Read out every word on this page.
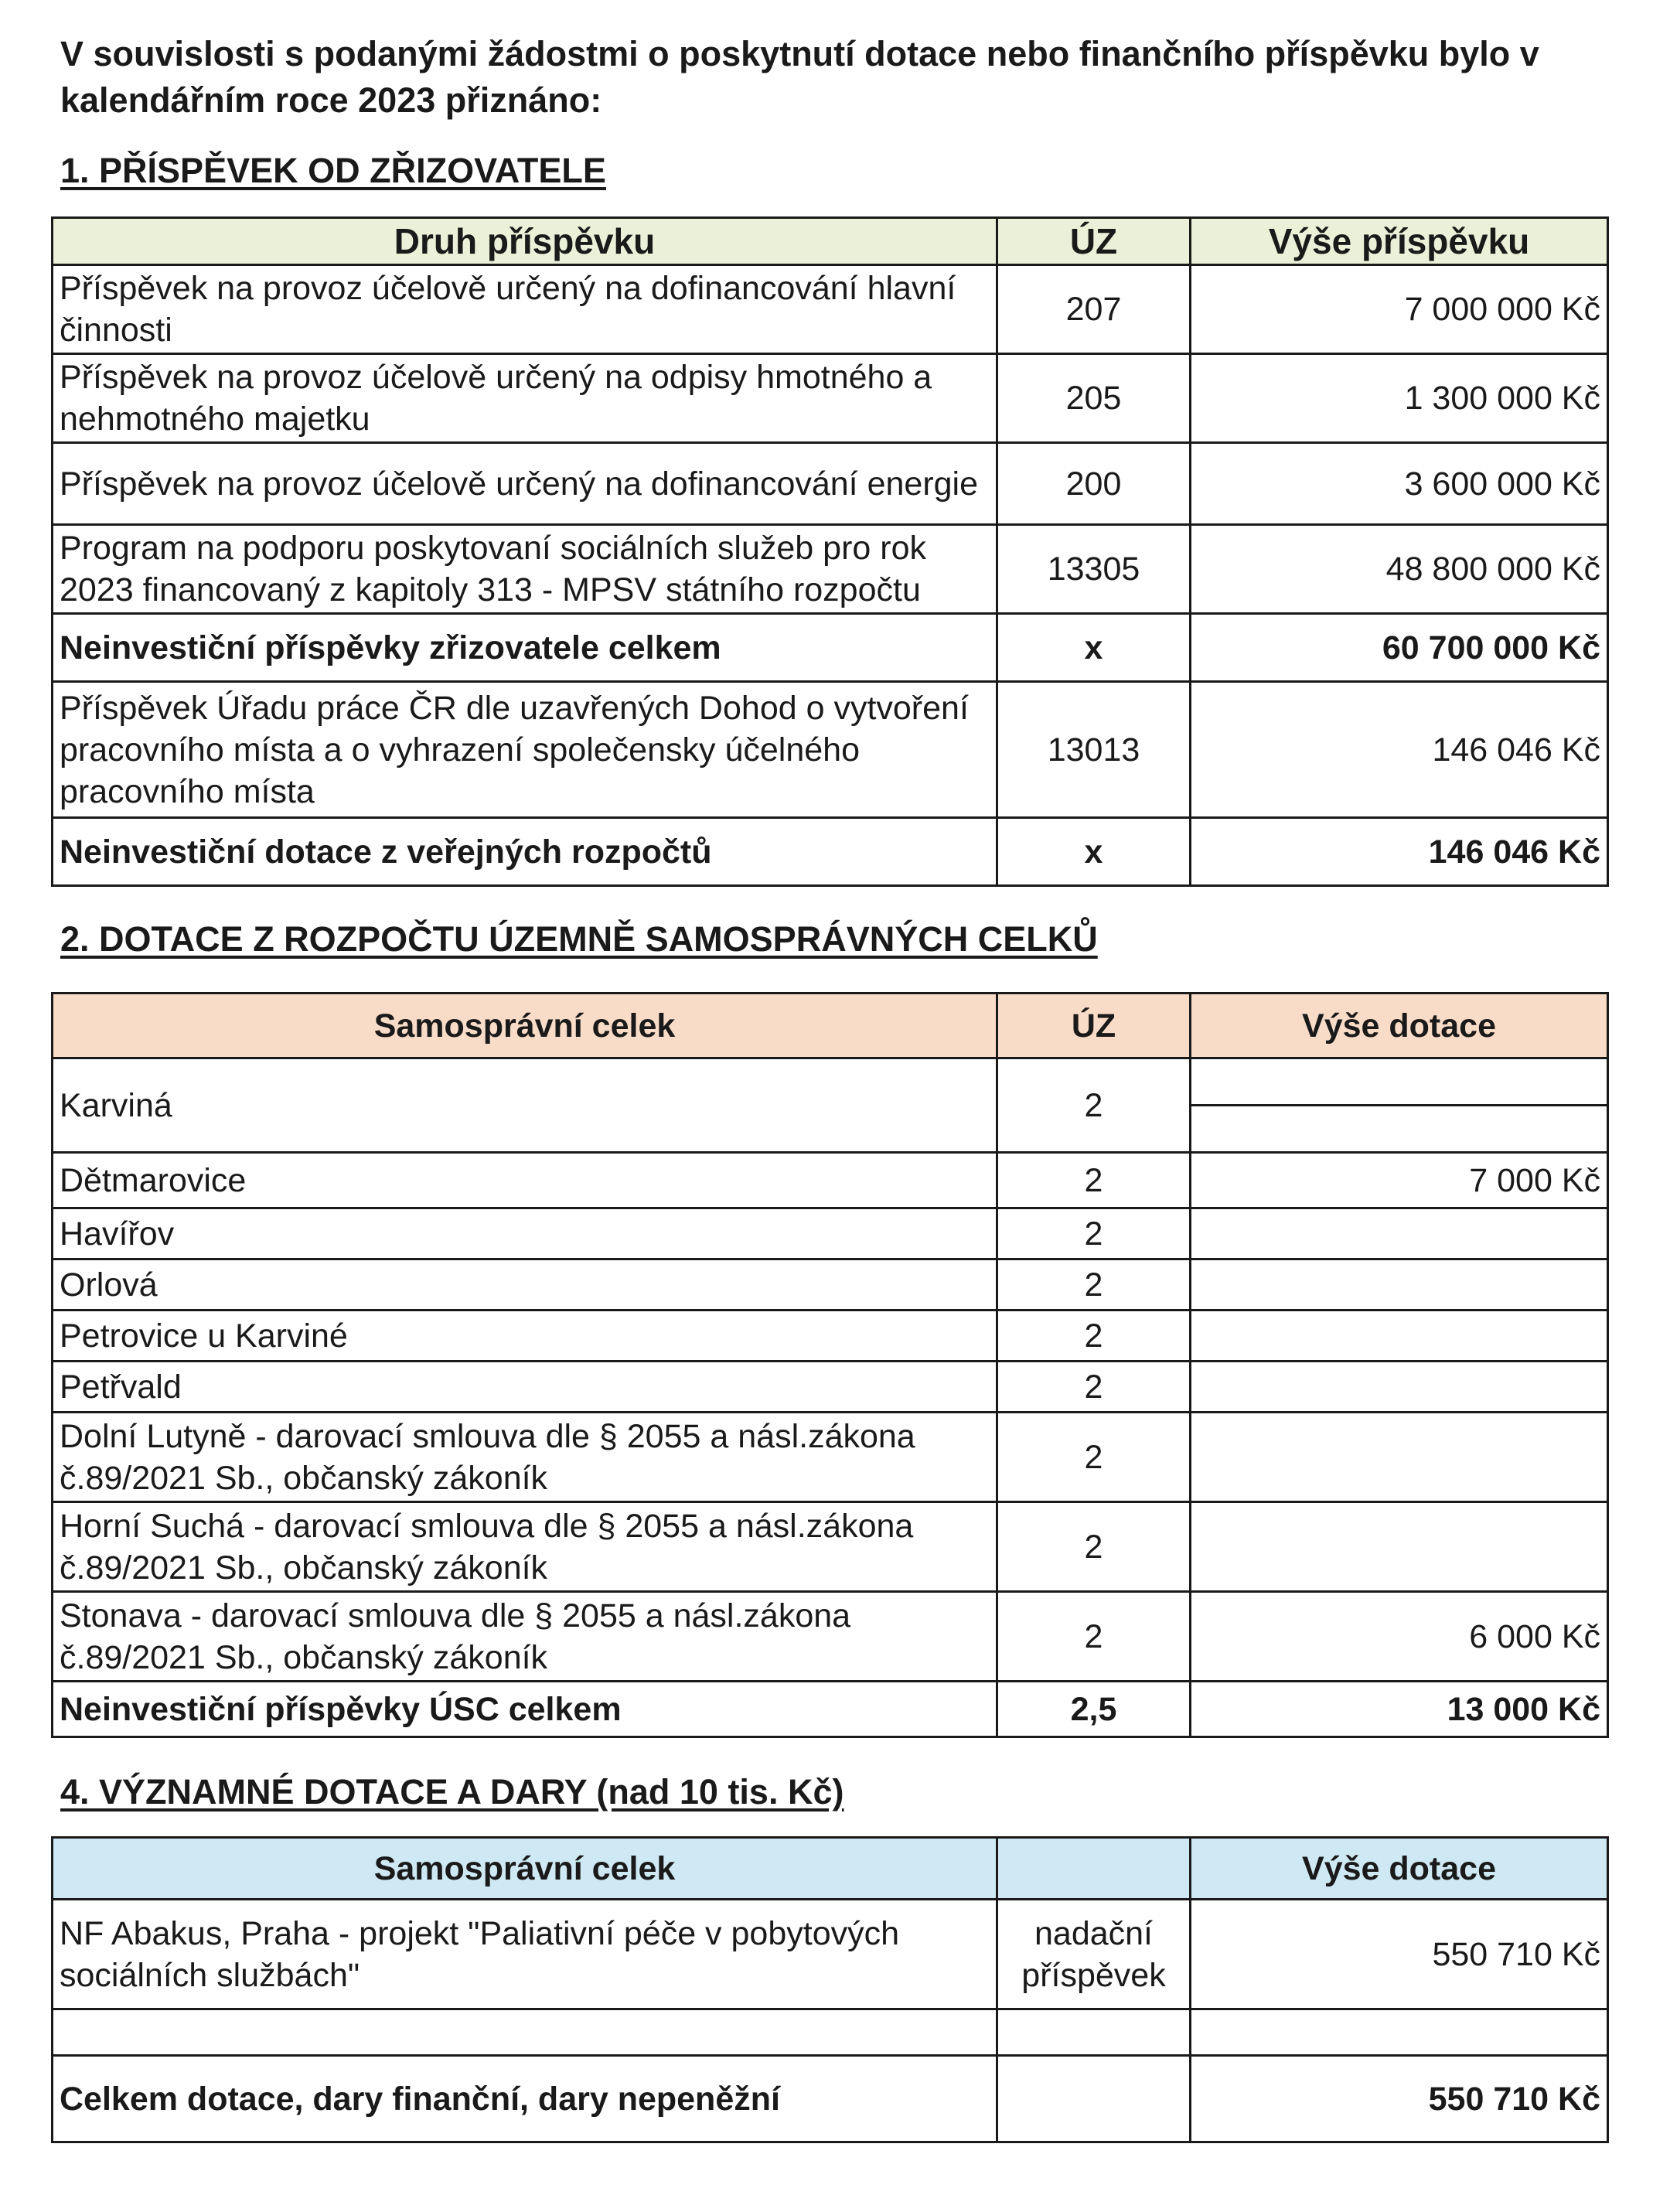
V souvislosti s podanými žádostmi o poskytnutí dotace nebo finančního příspěvku bylo v kalendářním roce 2023 přiznáno:

1. PŘÍSPĚVEK OD ZŘIZOVATELE
Druh příspěvku	ÚZ	Výše příspěvku
Příspěvek na provoz účelově určený na dofinancování hlavní činnosti	207	7 000 000 Kč
Příspěvek na provoz účelově určený na odpisy hmotného a nehmotného majetku	205	1 300 000 Kč
Příspěvek na provoz účelově určený na dofinancování energie	200	3 600 000 Kč
Program na podporu poskytovaní sociálních služeb pro rok 2023 financovaný z kapitoly 313 - MPSV státního rozpočtu	13305	48 800 000 Kč
Neinvestiční příspěvky zřizovatele celkem	x	60 700 000 Kč
Příspěvek Úřadu práce ČR dle uzavřených Dohod o vytvoření pracovního místa a o vyhrazení společensky účelného pracovního místa	13013	146 046 Kč
Neinvestiční dotace z veřejných rozpočtů	x	146 046 Kč
2. DOTACE Z ROZPOČTU ÚZEMNĚ SAMOSPRÁVNÝCH CELKŮ
Samosprávní celek	ÚZ	Výše dotace
Karviná	2	

Dětmarovice	2	7 000 Kč
Havířov	2	
Orlová	2	
Petrovice u Karviné	2	
Petřvald	2	
Dolní Lutyně - darovací smlouva dle § 2055 a násl.zákona č.89/2021 Sb., občanský zákoník	2	
Horní Suchá - darovací smlouva dle § 2055 a násl.zákona č.89/2021 Sb., občanský zákoník	2	
Stonava - darovací smlouva dle § 2055 a násl.zákona č.89/2021 Sb., občanský zákoník	2	6 000 Kč
Neinvestiční příspěvky ÚSC celkem	2,5	13 000 Kč
4. VÝZNAMNÉ DOTACE A DARY (nad 10 tis. Kč)
Samosprávní celek		Výše dotace
NF Abakus, Praha - projekt "Paliativní péče v pobytových sociálních službách"	nadační příspěvek	550 710 Kč

Celkem dotace, dary finanční, dary nepeněžní		550 710 Kč
